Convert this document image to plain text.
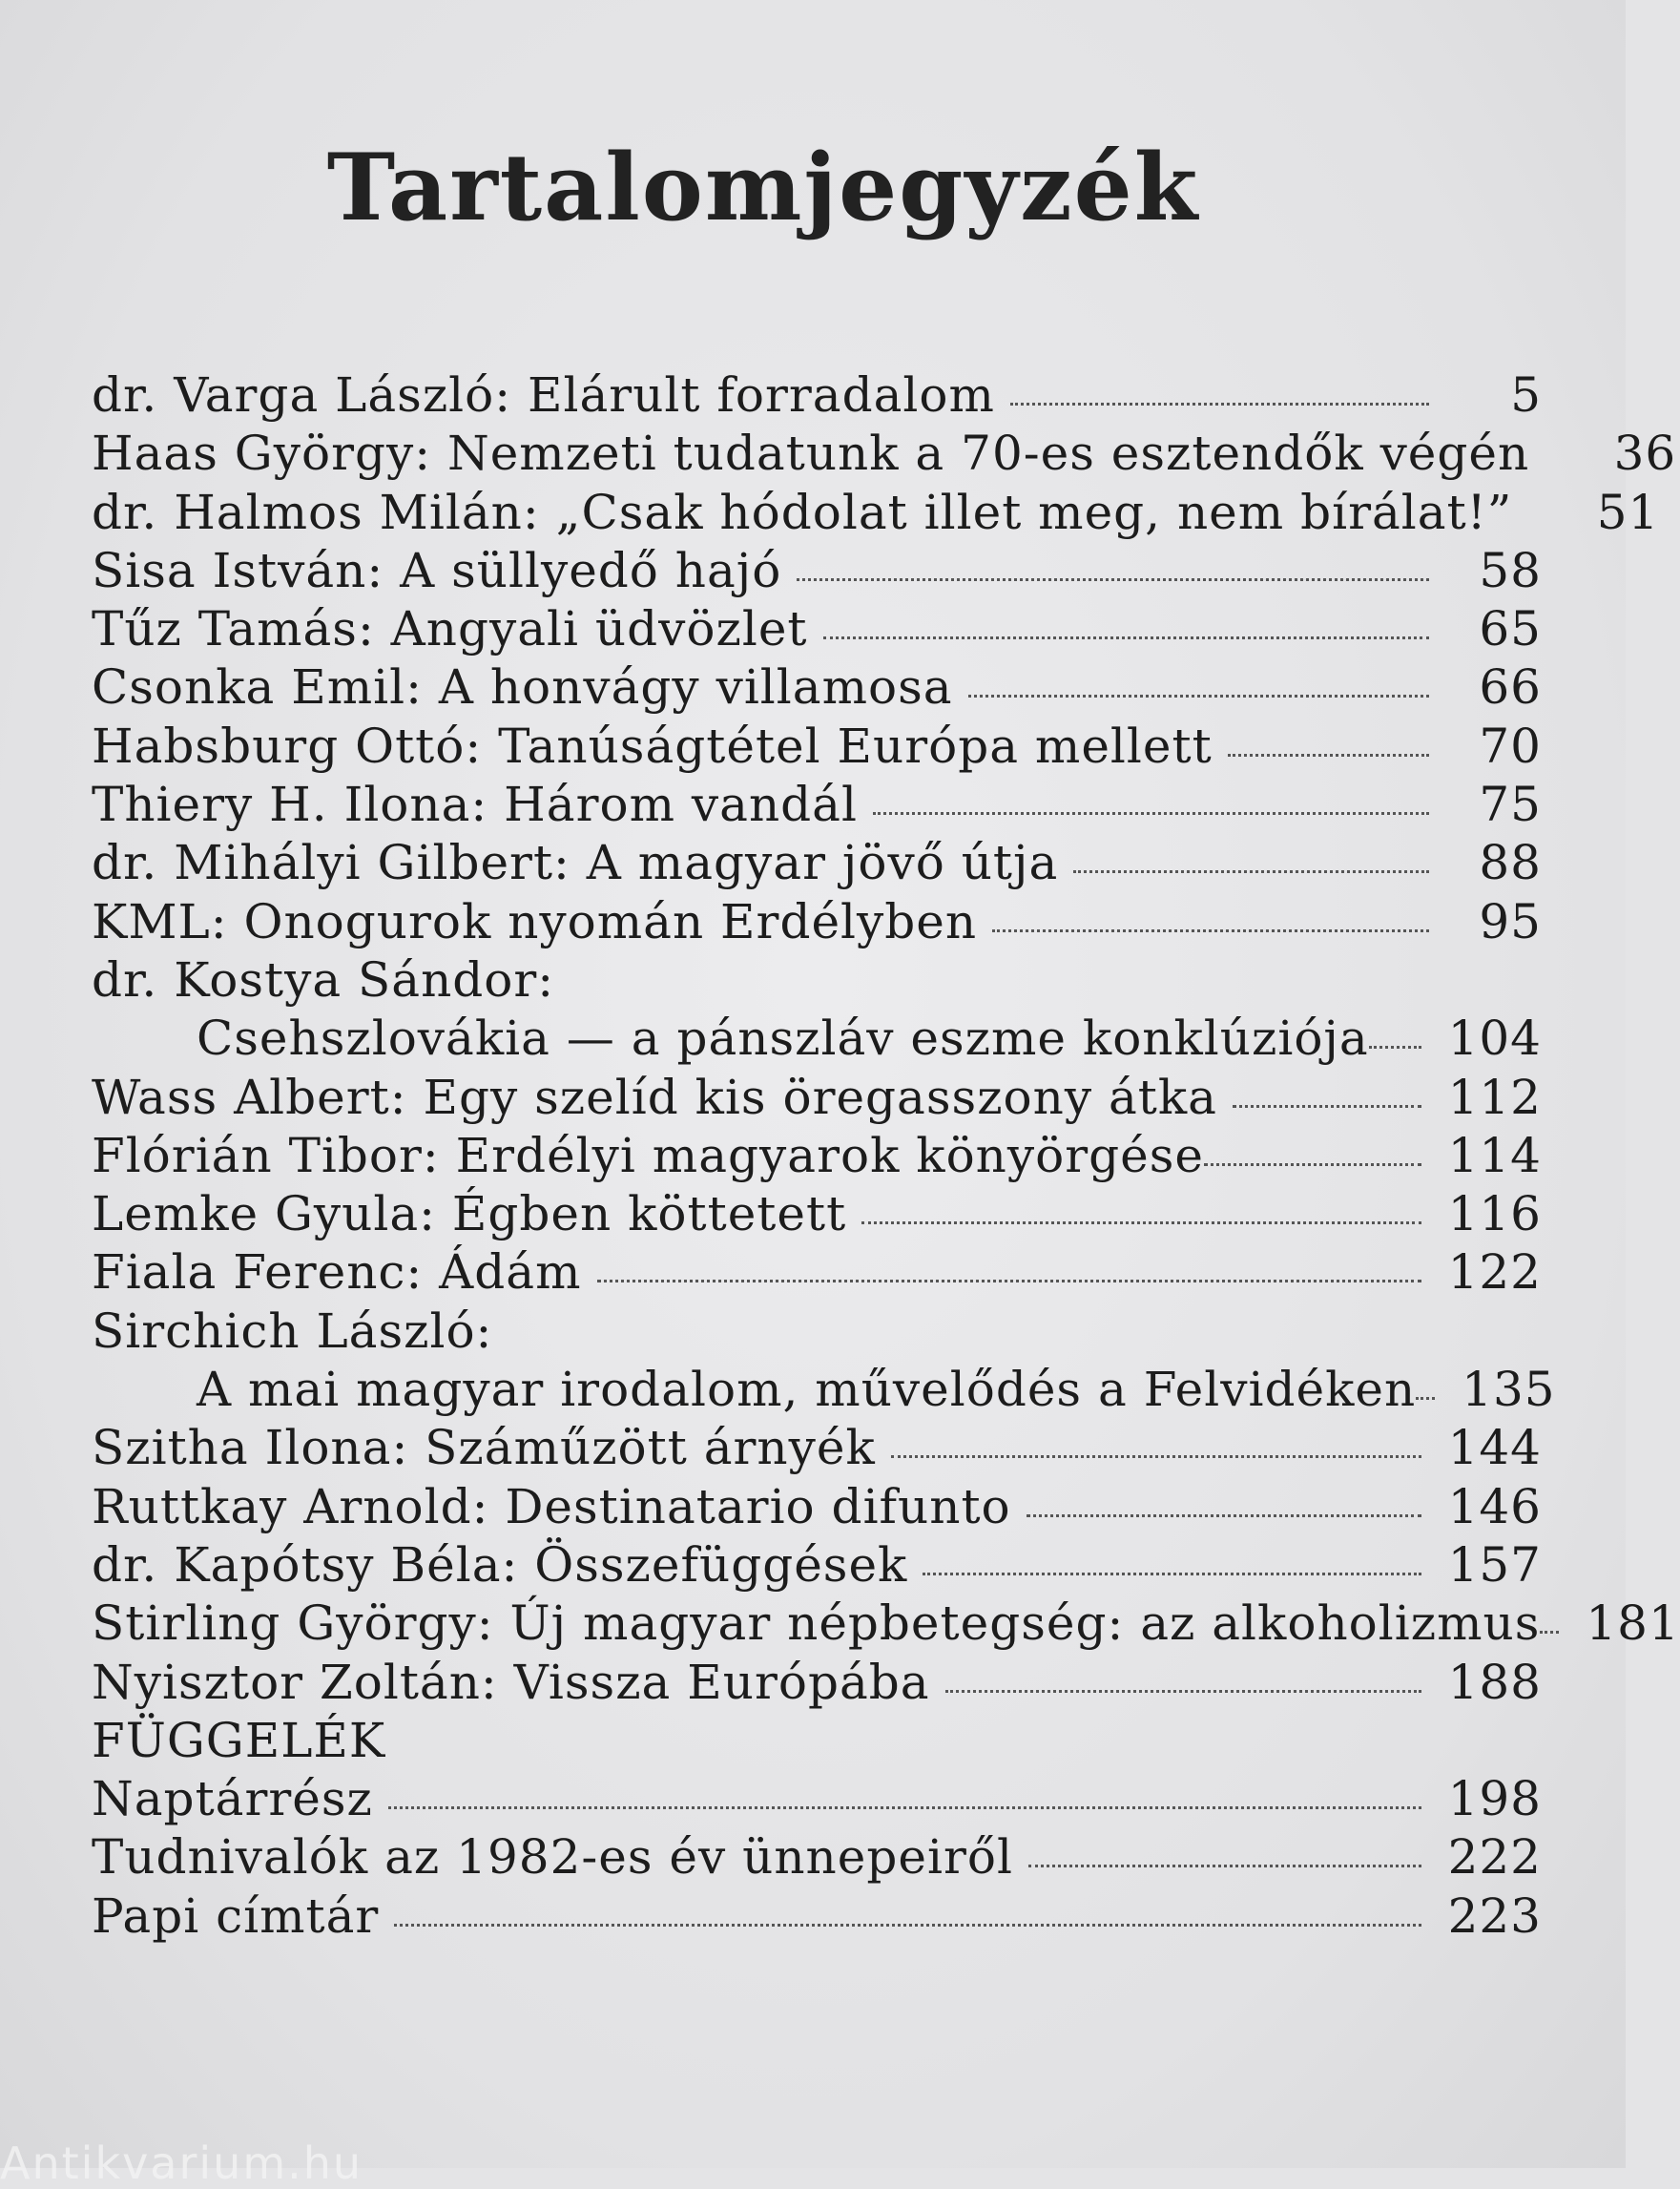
Tartalomjegyzék
dr. Varga László: Elárult forradalom	5
Haas György: Nemzeti tudatunk a 70-es esztendők végén	36
dr. Halmos Milán: „Csak hódolat illet meg, nem bírálat!”	51
Sisa István: A süllyedő hajó	58
Tűz Tamás: Angyali üdvözlet	65
Csonka Emil: A honvágy villamosa	66
Habsburg Ottó: Tanúságtétel Európa mellett	70
Thiery H. Ilona: Három vandál	75
dr. Mihályi Gilbert: A magyar jövő útja	88
KML: Onogurok nyomán Erdélyben	95
dr. Kostya Sándor:
Csehszlovákia — a pánszláv eszme konklúziója 104
Wass Albert: Egy szelíd kis öregasszony átka	112
Flórián Tibor: Erdélyi magyarok könyörgése	114
Lemke Gyula: Égben köttetett	116
Fiala Ferenc: Ádám	122
Sirchich László:
A mai magyar irodalom, művelődés a Felvidéken 135
Szitha Ilona: Száműzött árnyék	144
Ruttkay Arnold: Destinatario difunto	146
dr. Kapótsy Béla: Összefüggések	157
Stirling György: Új magyar népbetegség: az alkoholizmus 181
Nyisztor Zoltán: Vissza Európába	188
FÜGGELÉK
Naptárrész	198
Tudnivalók az 1982-es év ünnepeiről	222
Papi címtár	223
Antikvarium.hu
